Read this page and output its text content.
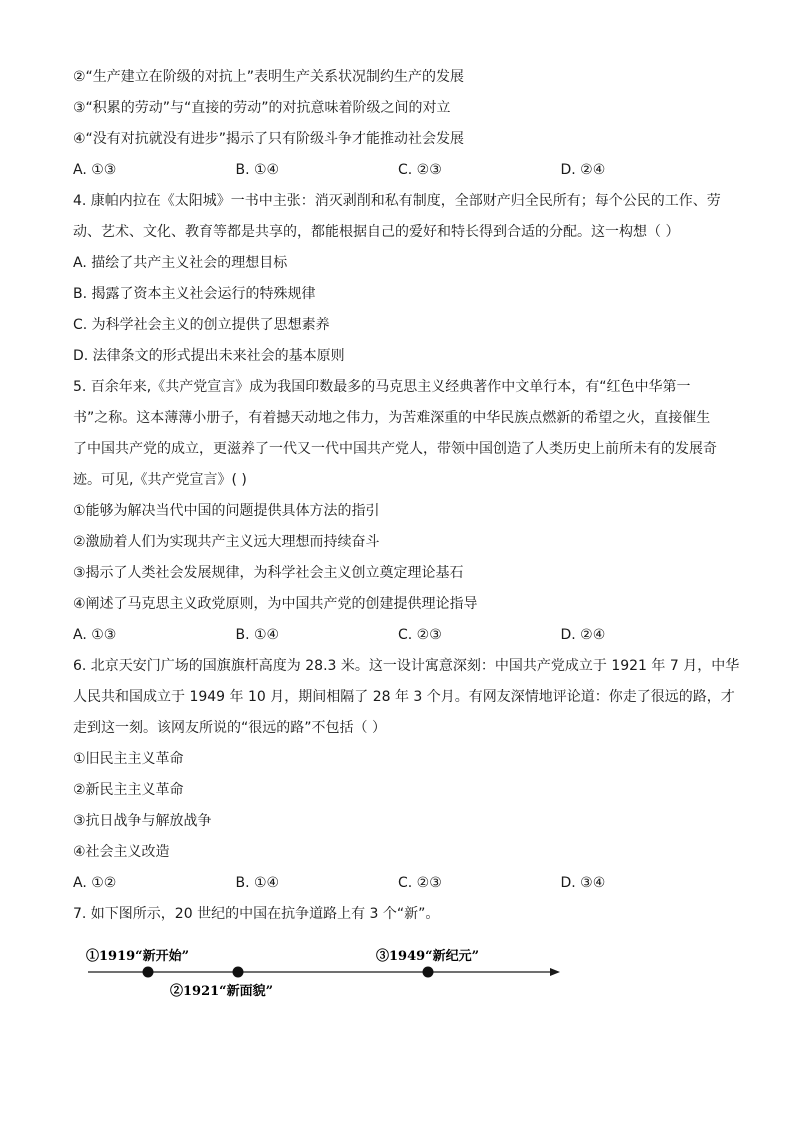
②“生产建立在阶级的对抗上”表明生产关系状况制约生产的发展
③“积累的劳动”与“直接的劳动”的对抗意味着阶级之间的对立
④“没有对抗就没有进步”揭示了只有阶级斗争才能推动社会发展
A. ①③	B. ①④	C. ②③	D. ②④
4. 康帕内拉在《太阳城》一书中主张：消灭剥削和私有制度，全部财产归全民所有；每个公民的工作、劳
动、艺术、文化、教育等都是共享的，都能根据自己的爱好和特长得到合适的分配。这一构想（ ）
A. 描绘了共产主义社会的理想目标
B. 揭露了资本主义社会运行的特殊规律
C. 为科学社会主义的创立提供了思想素养
D. 法律条文的形式提出未来社会的基本原则
5. 百余年来,《共产党宣言》成为我国印数最多的马克思主义经典著作中文单行本，有“红色中华第一
书”之称。这本薄薄小册子，有着撼天动地之伟力，为苦难深重的中华民族点燃新的希望之火，直接催生
了中国共产党的成立，更滋养了一代又一代中国共产党人，带领中国创造了人类历史上前所未有的发展奇
迹。可见,《共产党宣言》( )
①能够为解决当代中国的问题提供具体方法的指引
②激励着人们为实现共产主义远大理想而持续奋斗
③揭示了人类社会发展规律，为科学社会主义创立奠定理论基石
④阐述了马克思主义政党原则，为中国共产党的创建提供理论指导
A. ①③	B. ①④	C. ②③	D. ②④
6. 北京天安门广场的国旗旗杆高度为 28.3 米。这一设计寓意深刻：中国共产党成立于 1921 年 7 月，中华
人民共和国成立于 1949 年 10 月，期间相隔了 28 年 3 个月。有网友深情地评论道：你走了很远的路，才
走到这一刻。该网友所说的“很远的路”不包括（ ）
①旧民主主义革命
②新民主主义革命
③抗日战争与解放战争
④社会主义改造
A. ①②	B. ①④	C. ②③	D. ③④
7. 如下图所示，20 世纪的中国在抗争道路上有 3 个“新”。
①1919“新开始”
②1921“新面貌”
③1949“新纪元”
